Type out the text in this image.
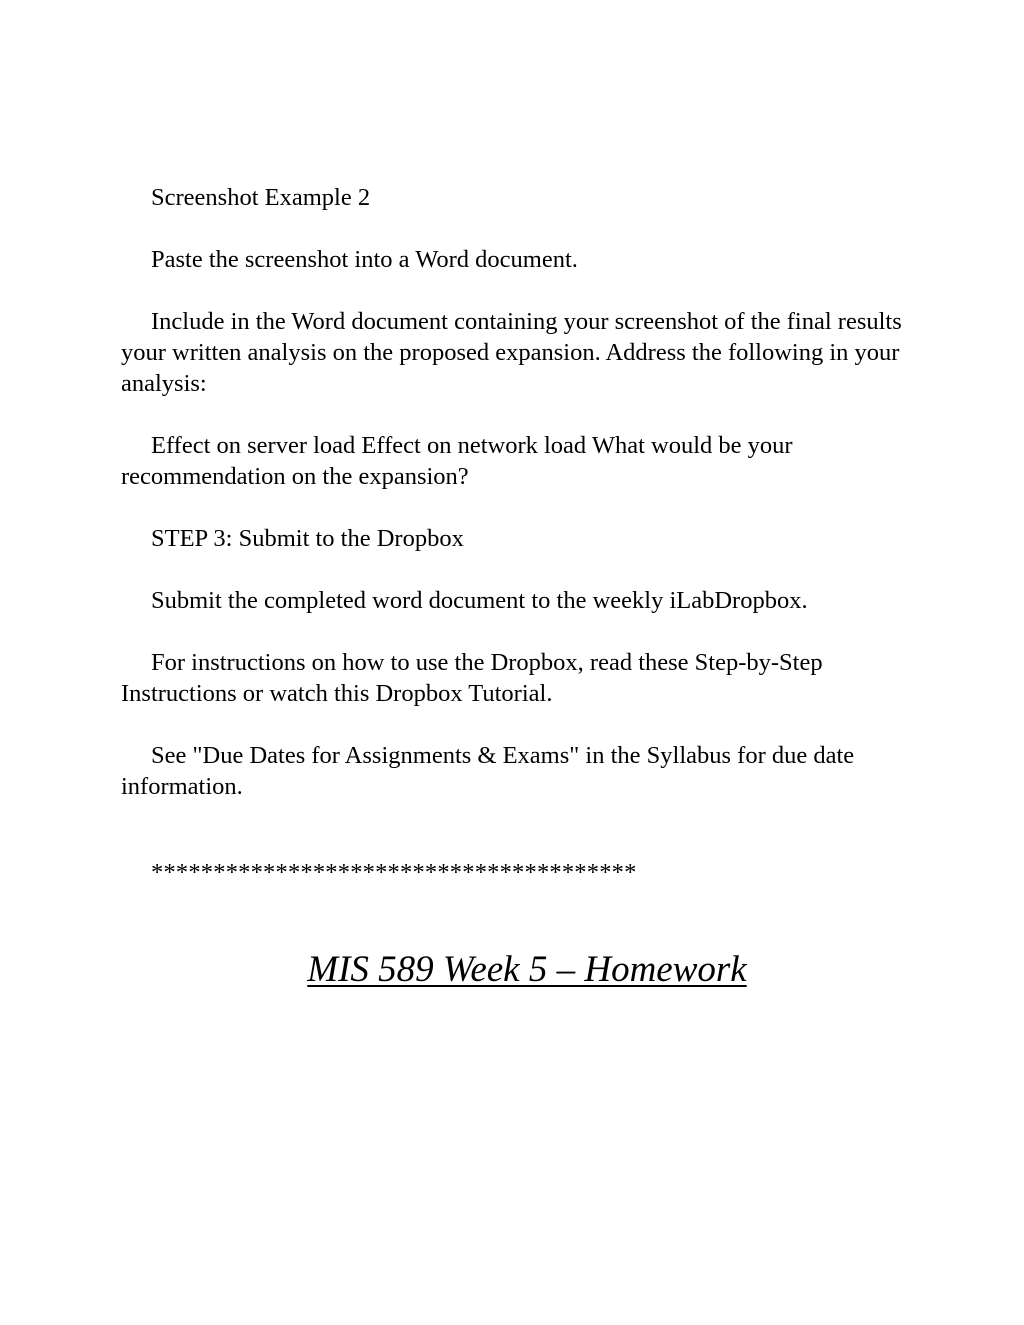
Screenshot Example 2

Paste the screenshot into a Word document.

Include in the Word document containing your screenshot of the final results your written analysis on the proposed expansion. Address the following in your analysis:

Effect on server load Effect on network load What would be your recommendation on the expansion?

STEP 3: Submit to the Dropbox

Submit the completed word document to the weekly iLabDropbox.

For instructions on how to use the Dropbox, read these Step-by-Step Instructions or watch this Dropbox Tutorial.

See "Due Dates for Assignments & Exams" in the Syllabus for due date information.

***************************************

MIS 589 Week 5 – Homework
